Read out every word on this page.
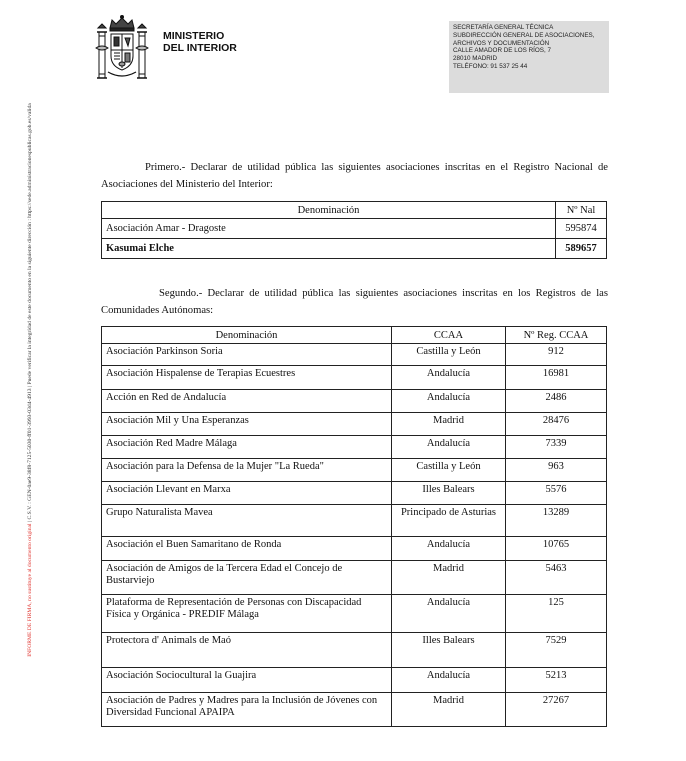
MINISTERIO
DEL INTERIOR
SECRETARÍA GENERAL TÉCNICA
SUBDIRECCIÓN GENERAL DE ASOCIACIONES,
ARCHIVOS Y DOCUMENTACIÓN
CALLE AMADOR DE LOS RÍOS, 7
28010 MADRID
TELÉFONO: 91 537 25 44
INFORME DE FIRMA, no sustituye al documento original | C.S.V. : GEN-0ae9-38f8-7125-5030-ff01-3993-03d4-4913 | Puede verificar la integridad de este documento en la siguiente dirección : https://sede.administracionespublicas.gob.es/valida	Primero.- Declarar de utilidad pública las siguientes asociaciones inscritas en el Registro Nacional de Asociaciones del Ministerio del Interior:
Denominación	Nº Nal
Asociación Amar - Dragoste	595874
Kasumai Elche	589657
Segundo.- Declarar de utilidad pública las siguientes asociaciones inscritas en los Registros de las Comunidades Autónomas:
Denominación	CCAA	Nº Reg. CCAA
Asociación Parkinson Soria	Castilla y León	912
Asociación Hispalense de Terapias Ecuestres	Andalucía	16981
Acción en Red de Andalucía	Andalucía	2486
Asociación Mil y Una Esperanzas	Madrid	28476
Asociación Red Madre Málaga	Andalucía	7339
Asociación para la Defensa de la Mujer "La Rueda"	Castilla y León	963
Asociación Llevant en Marxa	Illes Balears	5576
Grupo Naturalista Mavea	Principado de Asturias	13289
Asociación el Buen Samaritano de Ronda	Andalucía	10765
Asociación de Amigos de la Tercera Edad el Concejo de Bustarviejo	Madrid	5463
Plataforma de Representación de Personas con Discapacidad Física y Orgánica - PREDIF Málaga	Andalucía	125
Protectora d' Animals de Maó	Illes Balears	7529
Asociación Sociocultural la Guajira	Andalucía	5213
Asociación de Padres y Madres para la Inclusión de Jóvenes con Diversidad Funcional APAIPA	Madrid	27267
